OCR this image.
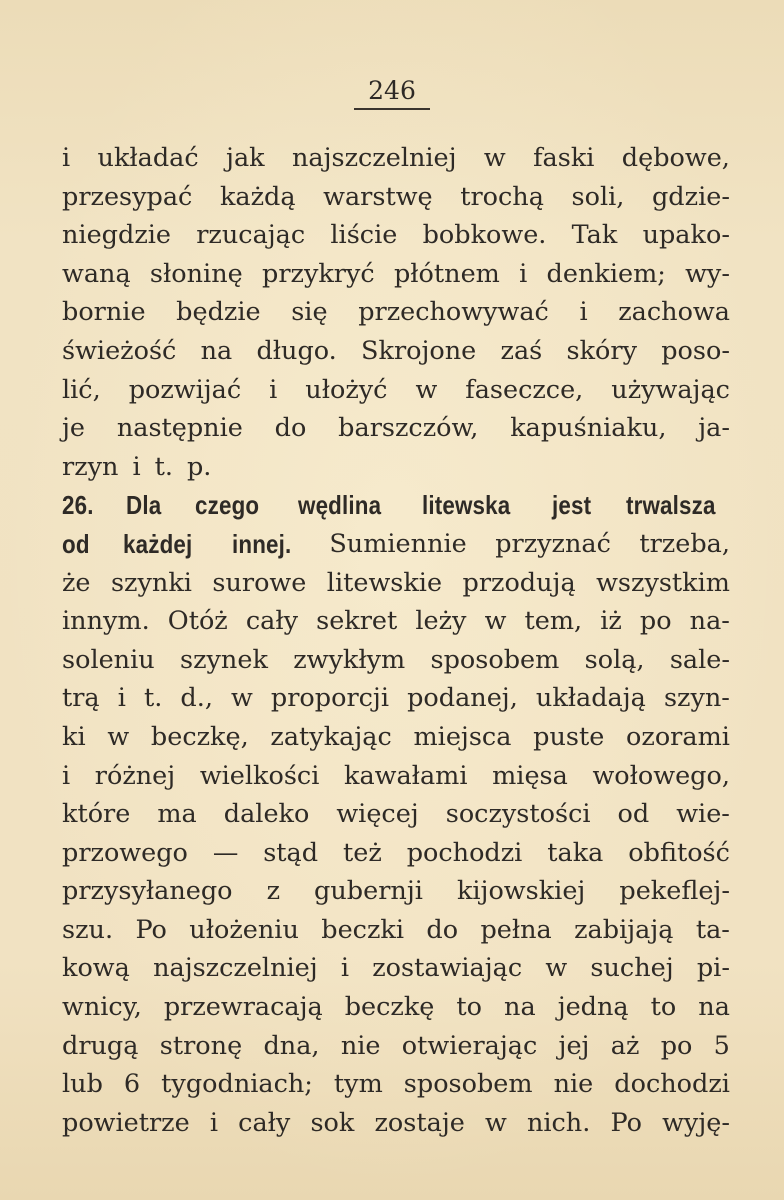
246
i układać jak najszczelniej w faski dębowe,
przesypać każdą warstwę trochą soli, gdzie-
niegdzie rzucając liście bobkowe. Tak upako-
waną słoninę przykryć płótnem i denkiem; wy-
bornie będzie się przechowywać i zachowa
świeżość na długo. Skrojone zaś skóry poso-
lić, pozwijać i ułożyć w faseczce, używając
je następnie do barszczów, kapuśniaku, ja-
rzyn i t. p.
26. Dla czego	wędlina	litewska	jest trwalsza
od każdej	innej.	Sumiennie przyznać trzeba,
że szynki surowe litewskie przodują wszystkim
innym. Otóż cały sekret leży w tem, iż po na-
soleniu szynek zwykłym sposobem solą, sale-
trą i t. d., w proporcji podanej, układają szyn-
ki w beczkę, zatykając miejsca puste ozorami
i różnej wielkości kawałami mięsa wołowego,
które ma daleko więcej soczystości od wie-
przowego — stąd też pochodzi taka obfitość
przysyłanego z gubernji kijowskiej pekeflej-
szu. Po ułożeniu beczki do pełna zabijają ta-
kową najszczelniej i zostawiając w suchej pi-
wnicy, przewracają beczkę to na jedną to na
drugą stronę dna, nie otwierając jej aż po 5
lub 6 tygodniach; tym sposobem nie dochodzi
powietrze i cały sok zostaje w nich. Po wyję-
